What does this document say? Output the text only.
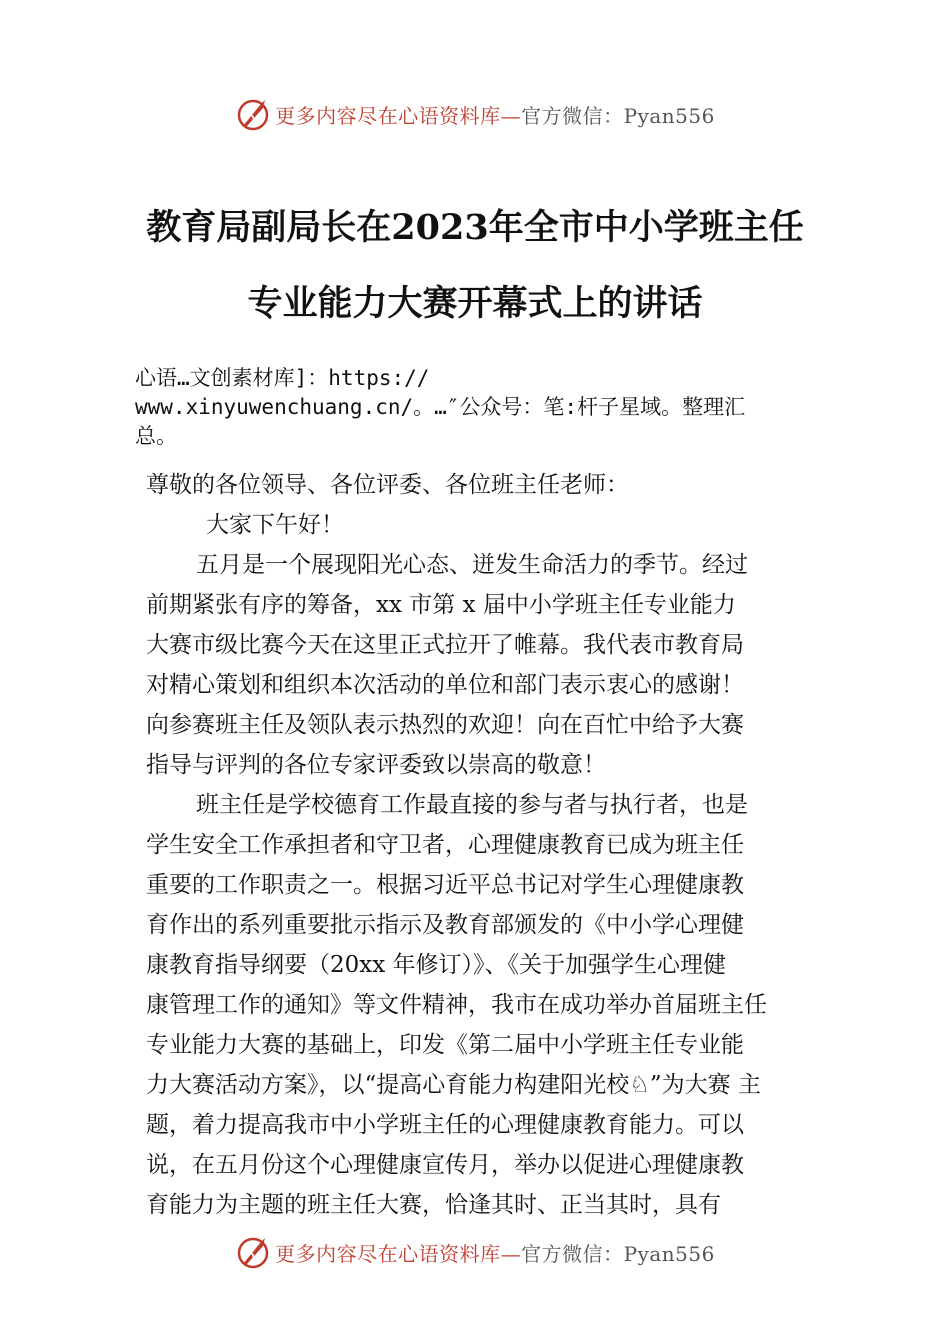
更多内容尽在心语资料库—官方微信：Pyan556
教育局副局长在2023年全市中小学班主任
专业能力大赛开幕式上的讲话
心语…文创素材库]：https://
www.xinyuwenchuang.cn/。…″公众号：笔:杆子星域。整理汇
总。
尊敬的各位领导、各位评委、各位班主任老师：
大家下午好！
五月是一个展现阳光心态、迸发生命活力的季节。经过
前期紧张有序的筹备，xx 市第 x 届中小学班主任专业能力
大赛市级比赛今天在这里正式拉开了帷幕。我代表市教育局
对精心策划和组织本次活动的单位和部门表示衷心的感谢！
向参赛班主任及领队表示热烈的欢迎！向在百忙中给予大赛
指导与评判的各位专家评委致以崇高的敬意！
班主任是学校德育工作最直接的参与者与执行者，也是
学生安全工作承担者和守卫者，心理健康教育已成为班主任
重要的工作职责之一。根据习近平总书记对学生心理健康教
育作出的系列重要批示指示及教育部颁发的《中小学心理健
康教育指导纲要（20xx 年修订）》、《关于加强学生心理健
康管理工作的通知》等文件精神，我市在成功举办首届班主任
专业能力大赛的基础上，印发《第二届中小学班主任专业能
力大赛活动方案》，以“提高心育能力构建阳光校♘”为大赛 主
题，着力提高我市中小学班主任的心理健康教育能力。可以
说，在五月份这个心理健康宣传月，举办以促进心理健康教
育能力为主题的班主任大赛，恰逢其时、正当其时，具有
更多内容尽在心语资料库—官方微信：Pyan556
